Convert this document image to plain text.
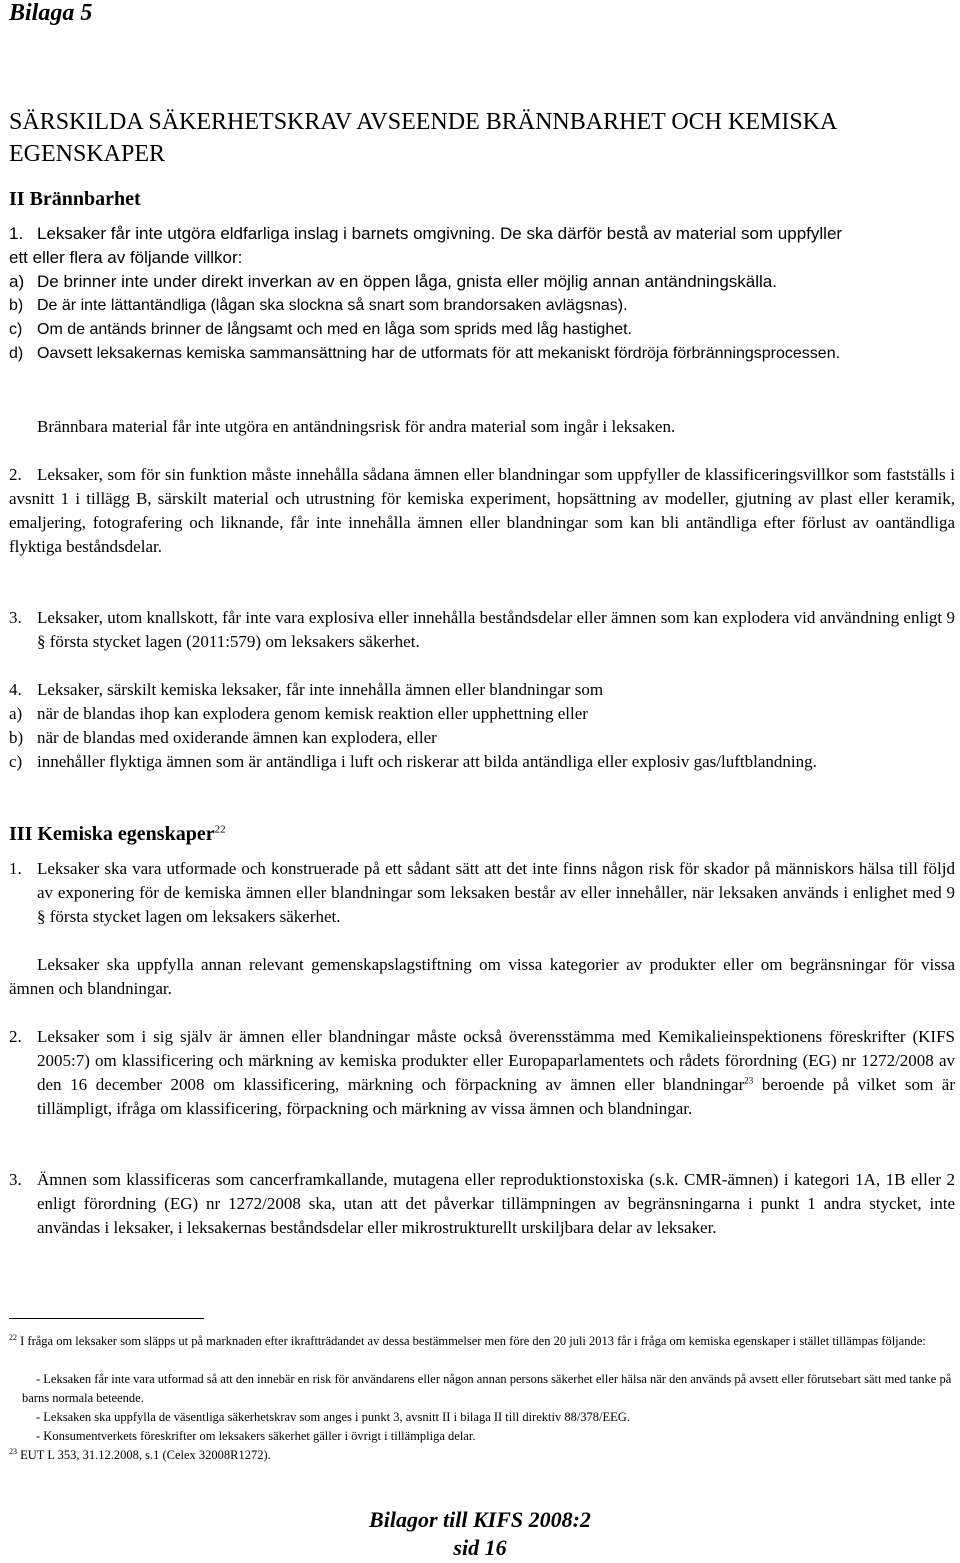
Bilaga 5
SÄRSKILDA SÄKERHETSKRAV AVSEENDE BRÄNNBARHET OCH KEMISKA EGENSKAPER
II Brännbarhet
1. Leksaker får inte utgöra eldfarliga inslag i barnets omgivning. De ska därför bestå av material som uppfyller
ett eller flera av följande villkor:
a) De brinner inte under direkt inverkan av en öppen låga, gnista eller möjlig annan antändningskälla.
b) De är inte lättantändliga (lågan ska slockna så snart som brandorsaken avlägsnas).
c) Om de antänds brinner de långsamt och med en låga som sprids med låg hastighet.
d) Oavsett leksakernas kemiska sammansättning har de utformats för att mekaniskt fördröja förbränningsprocessen.
Brännbara material får inte utgöra en antändningsrisk för andra material som ingår i leksaken.
2. Leksaker, som för sin funktion måste innehålla sådana ämnen eller blandningar som uppfyller de klassificeringsvillkor som fastställs i avsnitt 1 i tillägg B, särskilt material och utrustning för kemiska experiment, hopsättning av modeller, gjutning av plast eller keramik, emaljering, fotografering och liknande, får inte innehålla ämnen eller blandningar som kan bli antändliga efter förlust av oantändliga flyktiga beståndsdelar.
3. Leksaker, utom knallskott, får inte vara explosiva eller innehålla beståndsdelar eller ämnen som kan explodera vid användning enligt 9 § första stycket lagen (2011:579) om leksakers säkerhet.
4. Leksaker, särskilt kemiska leksaker, får inte innehålla ämnen eller blandningar som
a) när de blandas ihop kan explodera genom kemisk reaktion eller upphettning eller
b) när de blandas med oxiderande ämnen kan explodera, eller
c) innehåller flyktiga ämnen som är antändliga i luft och riskerar att bilda antändliga eller explosiv gas/luftblandning.
III Kemiska egenskaper$^{22}$
1. Leksaker ska vara utformade och konstruerade på ett sådant sätt att det inte finns någon risk för skador på människors hälsa till följd av exponering för de kemiska ämnen eller blandningar som leksaken består av eller innehåller, när leksaken används i enlighet med 9 § första stycket lagen om leksakers säkerhet.
Leksaker ska uppfylla annan relevant gemenskapslagstiftning om vissa kategorier av produkter eller om begränsningar för vissa ämnen och blandningar.
2. Leksaker som i sig själv är ämnen eller blandningar måste också överensstämma med Kemikalieinspektionens föreskrifter (KIFS 2005:7) om klassificering och märkning av kemiska produkter eller Europaparlamentets och rådets förordning (EG) nr 1272/2008 av den 16 december 2008 om klassificering, märkning och förpackning av ämnen eller blandningar$^{23}$ beroende på vilket som är tillämpligt, ifråga om klassificering, förpackning och märkning av vissa ämnen och blandningar.
3. Ämnen som klassificeras som cancerframkallande, mutagena eller reproduktionstoxiska (s.k. CMR-ämnen) i kategori 1A, 1B eller 2 enligt förordning (EG) nr 1272/2008 ska, utan att det påverkar tillämpningen av begränsningarna i punkt 1 andra stycket, inte användas i leksaker, i leksakernas beståndsdelar eller mikrostrukturellt urskiljbara delar av leksaker.
$^{22}$ I fråga om leksaker som släpps ut på marknaden efter ikraftträdandet av dessa bestämmelser men före den 20 juli 2013 får i fråga om kemiska egenskaper i stället tillämpas följande:
- Leksaken får inte vara utformad så att den innebär en risk för användarens eller någon annan persons säkerhet eller hälsa när den används på avsett eller förutsebart sätt med tanke på barns normala beteende.
- Leksaken ska uppfylla de väsentliga säkerhetskrav som anges i punkt 3, avsnitt II i bilaga II till direktiv 88/378/EEG.
- Konsumentverkets föreskrifter om leksakers säkerhet gäller i övrigt i tillämpliga delar.
$^{23}$ EUT L 353, 31.12.2008, s.1 (Celex 32008R1272).
Bilagor till KIFS 2008:2
sid 16
